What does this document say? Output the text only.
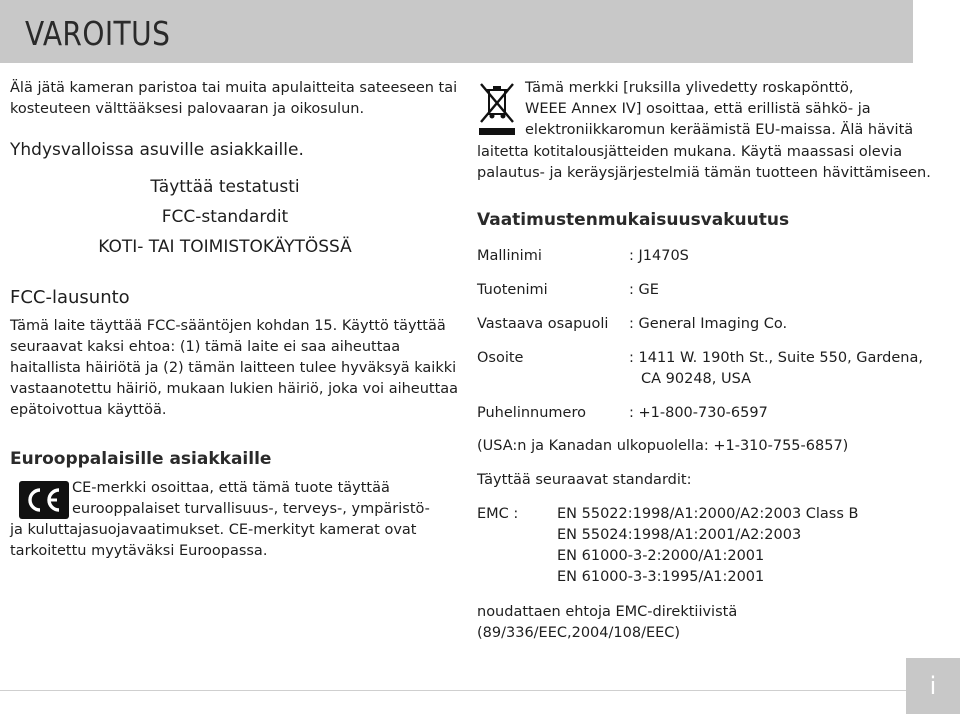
VAROITUS
Älä jätä kameran paristoa tai muita apulaitteita sateeseen tai
kosteuteen välttääksesi palovaaran ja oikosulun.
Yhdysvalloissa asuville asiakkaille.
Täyttää testatusti
FCC-standardit
KOTI- TAI TOIMISTOKÄYTÖSSÄ
FCC-lausunto
Tämä laite täyttää FCC-sääntöjen kohdan 15. Käyttö täyttää
seuraavat kaksi ehtoa: (1) tämä laite ei saa aiheuttaa
haitallista häiriötä ja (2) tämän laitteen tulee hyväksyä kaikki
vastaanotettu häiriö, mukaan lukien häiriö, joka voi aiheuttaa
epätoivottua käyttöä.
Eurooppalaisille asiakkaille
CE-merkki osoittaa, että tämä tuote täyttää
eurooppalaiset turvallisuus-, terveys-, ympäristö-
ja kuluttajasuojavaatimukset. CE-merkityt kamerat ovat
tarkoitettu myytäväksi Euroopassa.
Tämä merkki [ruksilla ylivedetty roskapönttö,
WEEE Annex IV] osoittaa, että erillistä sähkö- ja
elektroniikkaromun keräämistä EU-maissa. Älä hävitä
laitetta kotitalousjätteiden mukana. Käytä maassasi olevia
palautus- ja keräysjärjestelmiä tämän tuotteen hävittämiseen.
Vaatimustenmukaisuusvakuutus
Mallinimi	: J1470S
Tuotenimi	: GE
Vastaava osapuoli : General Imaging Co.
Osoite	: 1411 W. 190th St., Suite 550, Gardena,
CA 90248, USA
Puhelinnumero	: +1-800-730-6597
(USA:n ja Kanadan ulkopuolella: +1-310-755-6857)
Täyttää seuraavat standardit:
EMC :	EN 55022:1998/A1:2000/A2:2003 Class B
EN 55024:1998/A1:2001/A2:2003
EN 61000-3-2:2000/A1:2001
EN 61000-3-3:1995/A1:2001
noudattaen ehtoja EMC-direktiivistä
(89/336/EEC,2004/108/EEC)
i
